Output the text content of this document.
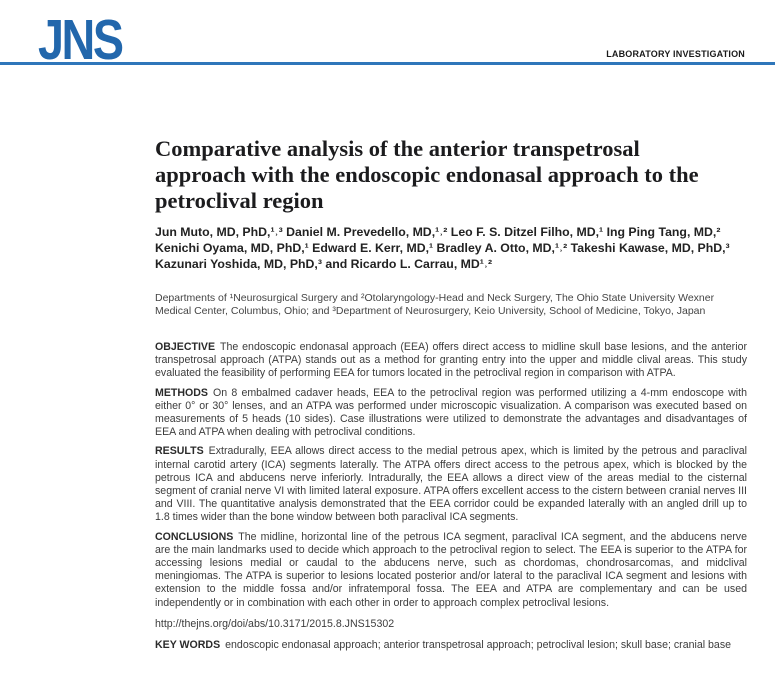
JNS	LABORATORY INVESTIGATION
Comparative analysis of the anterior transpetrosal
approach with the endoscopic endonasal approach to the
petroclival region
Jun Muto, MD, PhD,¹˒³ Daniel M. Prevedello, MD,¹˒² Leo F. S. Ditzel Filho, MD,¹ Ing Ping Tang, MD,²
Kenichi Oyama, MD, PhD,¹ Edward E. Kerr, MD,¹ Bradley A. Otto, MD,¹˒² Takeshi Kawase, MD, PhD,³
Kazunari Yoshida, MD, PhD,³ and Ricardo L. Carrau, MD¹˒²
Departments of ¹Neurosurgical Surgery and ²Otolaryngology-Head and Neck Surgery, The Ohio State University Wexner
Medical Center, Columbus, Ohio; and ³Department of Neurosurgery, Keio University, School of Medicine, Tokyo, Japan

OBJECTIVE The endoscopic endonasal approach (EEA) offers direct access to midline skull base lesions, and the anterior transpetrosal approach (ATPA) stands out as a method for granting entry into the upper and middle clival areas. This study evaluated the feasibility of performing EEA for tumors located in the petroclival region in comparison with ATPA.

METHODS On 8 embalmed cadaver heads, EEA to the petroclival region was performed utilizing a 4-mm endoscope with either 0° or 30° lenses, and an ATPA was performed under microscopic visualization. A comparison was executed based on measurements of 5 heads (10 sides). Case illustrations were utilized to demonstrate the advantages and disadvantages of EEA and ATPA when dealing with petroclival conditions.

RESULTS Extradurally, EEA allows direct access to the medial petrous apex, which is limited by the petrous and paraclival internal carotid artery (ICA) segments laterally. The ATPA offers direct access to the petrous apex, which is blocked by the petrous ICA and abducens nerve inferiorly. Intradurally, the EEA allows a direct view of the areas medial to the cisternal segment of cranial nerve VI with limited lateral exposure. ATPA offers excellent access to the cistern between cranial nerves III and VIII. The quantitative analysis demonstrated that the EEA corridor could be expanded laterally with an angled drill up to 1.8 times wider than the bone window between both paraclival ICA segments.

CONCLUSIONS The midline, horizontal line of the petrous ICA segment, paraclival ICA segment, and the abducens nerve are the main landmarks used to decide which approach to the petroclival region to select. The EEA is superior to the ATPA for accessing lesions medial or caudal to the abducens nerve, such as chordomas, chondrosarcomas, and midclival meningiomas. The ATPA is superior to lesions located posterior and/or lateral to the paraclival ICA segment and lesions with extension to the middle fossa and/or infratemporal fossa. The EEA and ATPA are complementary and can be used independently or in combination with each other in order to approach complex petroclival lesions.

http://thejns.org/doi/abs/10.3171/2015.8.JNS15302

KEY WORDS endoscopic endonasal approach; anterior transpetrosal approach; petroclival lesion; skull base; cranial base
